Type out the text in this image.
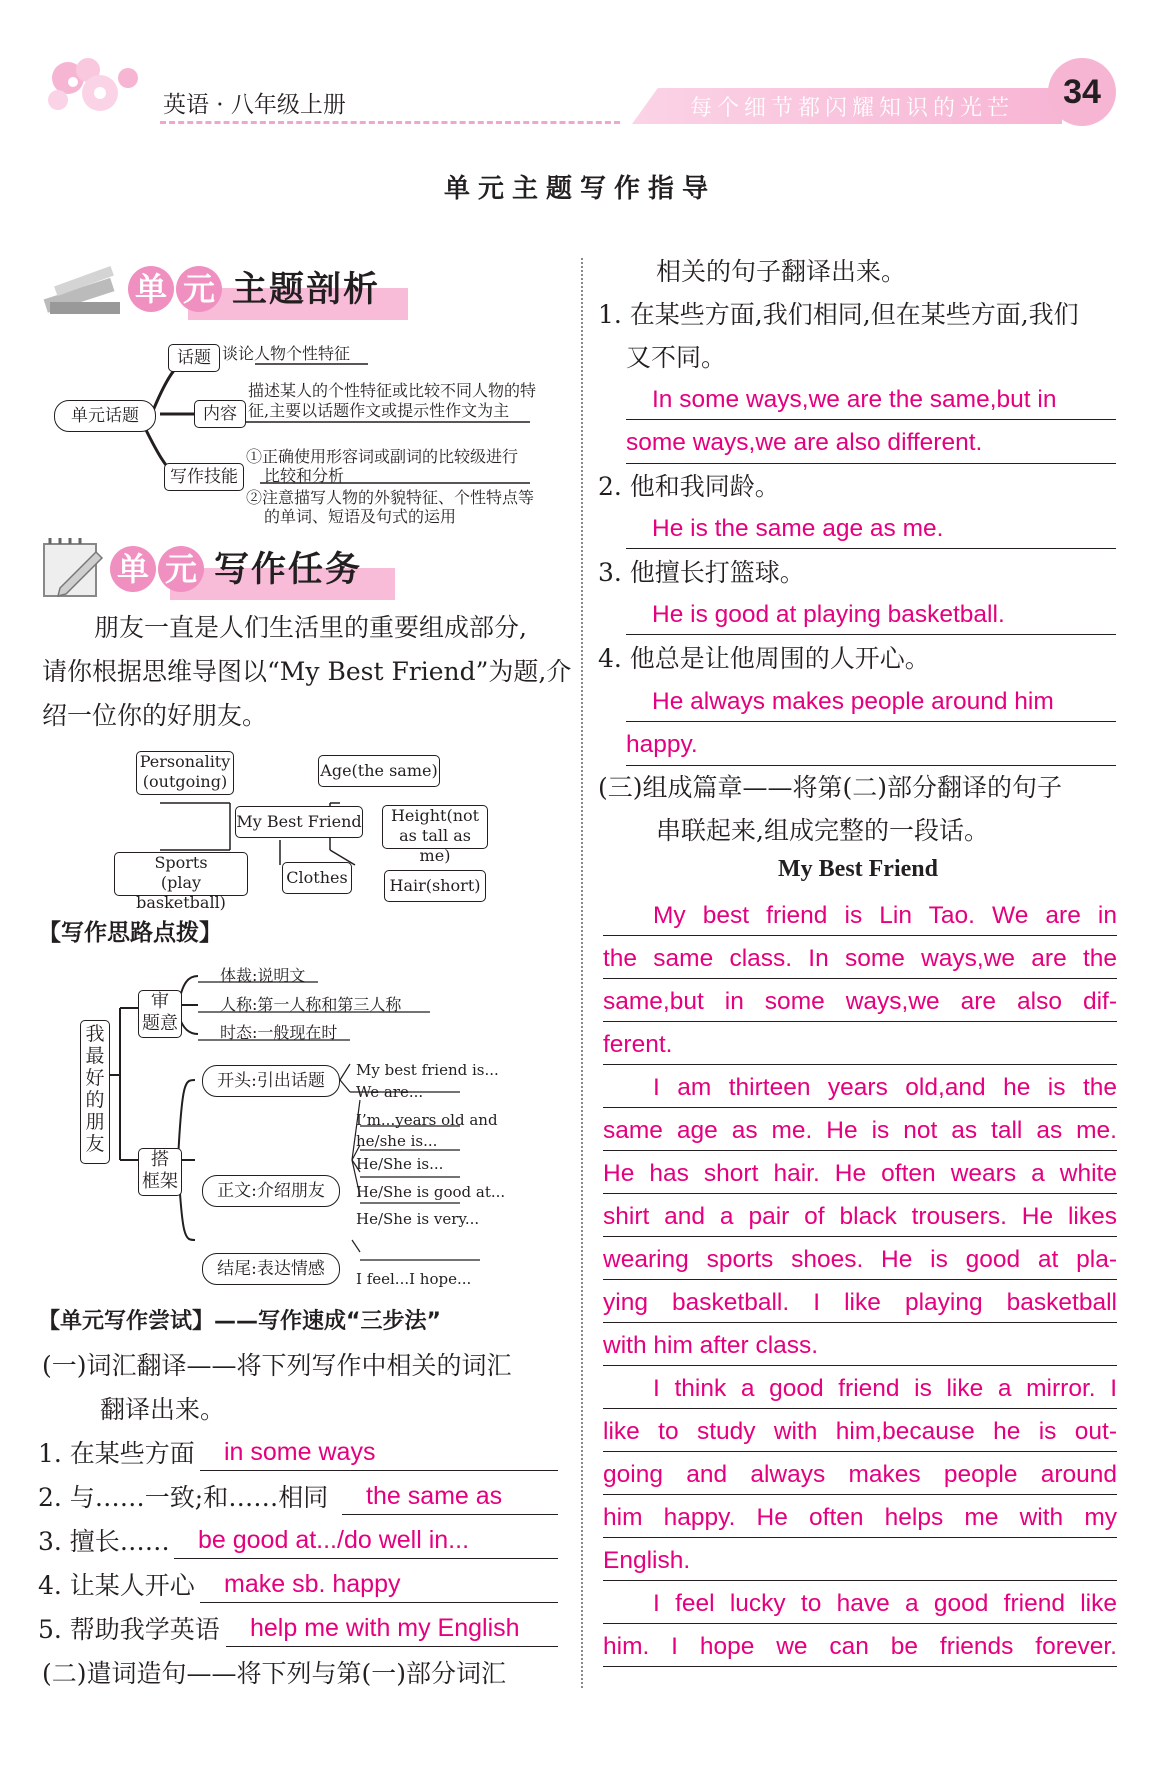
英语 · 八年级上册	每个细节都闪耀知识的光芒	34
单元主题写作指导
单 元 主题剖析
单元话题
话题 谈论人物个性特征
内容
描述某人的个性特征或比较不同人物的特
征,主要以话题作文或提示性作文为主
写作技能
①正确使用形容词或副词的比较级进行
比较和分析
②注意描写人物的外貌特征、个性特点等
的单词、短语及句式的运用
单 元 写作任务
朋友一直是人们生活里的重要组成部分,
请你根据思维导图以“My Best Friend”为题,介
绍一位你的好朋友。
Personality
(outgoing)
Age(the same)
My Best Friend	Height(not
as tall as me)
Sports
(play basketball)
Clothes	Hair(short)
【写作思路点拨】
我
最
好
的
朋
友
审
题意
体裁:说明文
人称:第一人称和第三人称
时态:一般现在时
搭
框架
开头:引出话题
My best friend is...
We are...
I’m...years old and
he/she is...
正文:介绍朋友
He/She is...
He/She is good at...
He/She is very...
结尾:表达情感	I feel...I hope...
【单元写作尝试】——写作速成“三步法”
(一)词汇翻译——将下列写作中相关的词汇
翻译出来。
1. 在某些方面	in some ways
2. 与……一致;和……相同	the same as
3. 擅长……	be good at.../do well in...
4. 让某人开心	make sb. happy
5. 帮助我学英语	help me with my English
(二)遣词造句——将下列与第(一)部分词汇
相关的句子翻译出来。
1. 在某些方面,我们相同,但在某些方面,我们
又不同。
In some ways,we are the same,but in
some ways,we are also different.
2. 他和我同龄。
He is the same age as me.
3. 他擅长打篮球。
He is good at playing basketball.
4. 他总是让他周围的人开心。
He always makes people around him
happy.
(三)组成篇章——将第(二)部分翻译的句子
串联起来,组成完整的一段话。
My Best Friend
My best friend is Lin Tao. We are in
the same class. In some ways,we are the
same,but in some ways,we are also dif-
ferent.
I am thirteen years old,and he is the
same age as me. He is not as tall as me.
He has short hair. He often wears a white
shirt and a pair of black trousers. He likes
wearing sports shoes. He is good at pla-
ying basketball. I like playing basketball
with him after class.
I think a good friend is like a mirror. I
like to study with him,because he is out-
going and always makes people around
him happy. He often helps me with my
English.
I feel lucky to have a good friend like
him. I hope we can be friends forever.
